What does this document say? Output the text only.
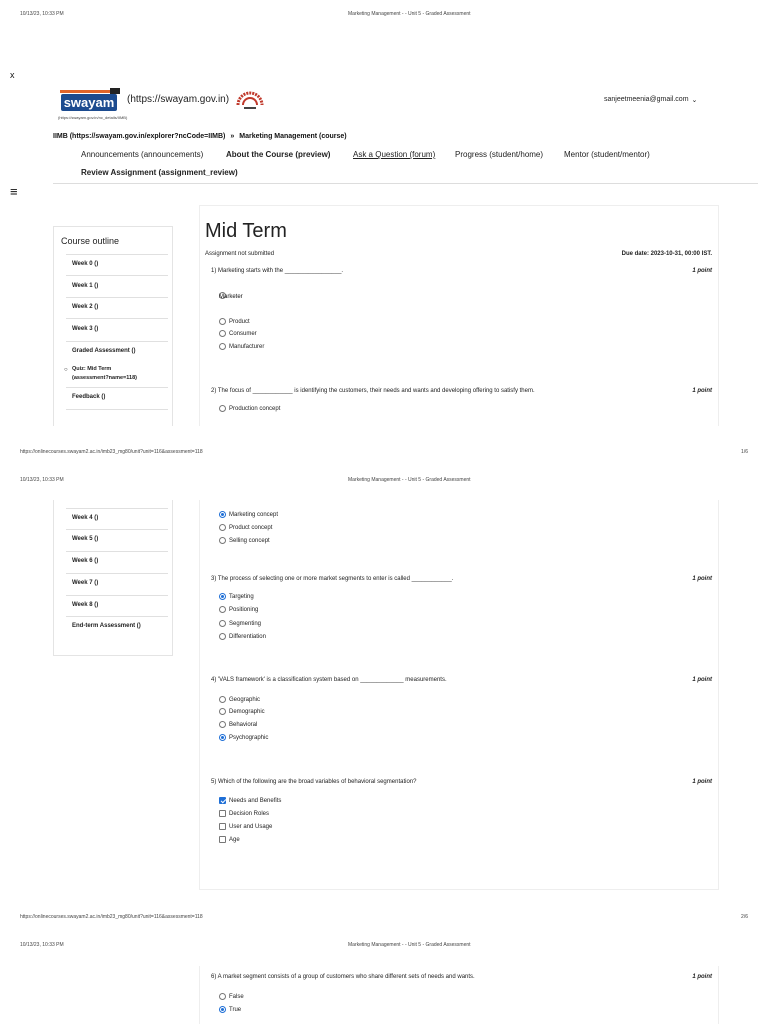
10/13/23, 10:33 PM	Marketing Management - - Unit 5 - Graded Assessment
x
swayam (https://swayam.gov.in)
(https://swayam.gov.in/nc_details/IIMB)
sanjeetmeenia@gmail.com ⌄
IIMB (https://swayam.gov.in/explorer?ncCode=IIMB) » Marketing Management (course)
Announcements (announcements)	About the Course (preview)	Ask a Question (forum) Progress (student/home)	Mentor (student/mentor)
Review Assignment (assignment_review)
≡
Course outline
Week 0 ()
Week 1 ()
Week 2 ()
Week 3 ()
Graded Assessment ()
○ Quiz: Mid Term
(assessment?name=118)
Feedback ()
Mid Term
Assignment not submitted	Due date: 2023-10-31, 00:00 IST.
1) Marketing starts with the _________________.	1 point
Marketer
Product
Consumer
Manufacturer
2) The focus of ____________ is identifying the customers, their needs and wants and developing offering to satisfy them.	1 point
Production concept
https://onlinecourses.swayam2.ac.in/imb23_mg80/unit?unit=116&assessment=118	1/6
10/13/23, 10:33 PM	Marketing Management - - Unit 5 - Graded Assessment
Week 4 ()
Week 5 ()
Week 6 ()
Week 7 ()
Week 8 ()
End-term Assessment ()
Marketing concept
Product concept
Selling concept
3) The process of selecting one or more market segments to enter is called ____________.	1 point
Targeting
Positioning
Segmenting
Differentiation
4) 'VALS framework' is a classification system based on _____________ measurements.	1 point
Geographic
Demographic
Behavioral
Psychographic
5) Which of the following are the broad variables of behavioral segmentation?	1 point
Needs and Benefits
Decision Roles
User and Usage
Age
https://onlinecourses.swayam2.ac.in/imb23_mg80/unit?unit=116&assessment=118	2/6
10/13/23, 10:33 PM	Marketing Management - - Unit 5 - Graded Assessment
6) A market segment consists of a group of customers who share different sets of needs and wants.	1 point
False
True
